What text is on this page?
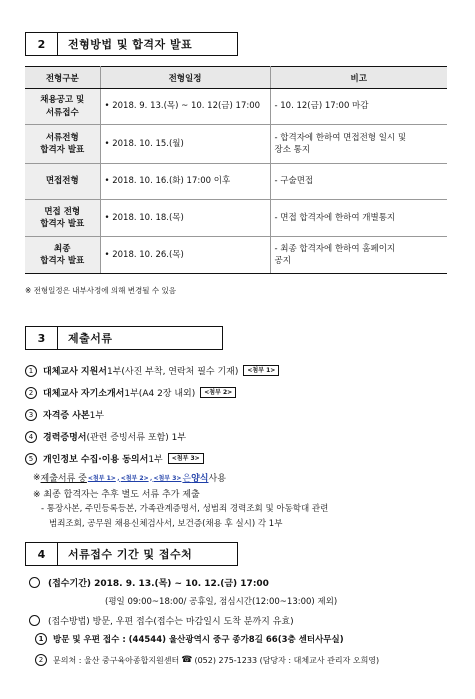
2	전형방법 및 합격자 발표
전형구분	전형일정	비고
채용공고 및
서류접수	• 2018. 9. 13.(목) ~ 10. 12(금) 17:00	- 10. 12(금) 17:00 마감
서류전형
합격자 발표	• 2018. 10. 15.(월)	- 합격자에 한하여 면접전형 일시 및
장소 통지
면접전형	• 2018. 10. 16.(화) 17:00 이후	- 구술면접
면접 전형
합격자 발표	• 2018. 10. 18.(목)	- 면접 합격자에 한하여 개별통지
최종
합격자 발표	• 2018. 10. 26.(목)	- 최종 합격자에 한하여 홈페이지
공지
※ 전형일정은 내부사정에 의해 변경될 수 있음
3	제출서류
1	대체교사 지원서 1부(사진 부착, 연락처 필수 기재)	<첨부 1>
2	대체교사 자기소개서 1부(A4 2장 내외)	<첨부 2>
3	자격증 사본 1부
4	경력증명서 (관련 증빙서류 포함) 1부
5	개인정보 수집·이용 동의서 1부	<첨부 3>
※ 제출서류 중 <첨부 1> , <첨부 2> , <첨부 3> 은 양식 사용
※ 최종 합격자는 추후 별도 서류 추가 제출
- 통장사본, 주민등록등본, 가족관계증명서, 성범죄 경력조회 및 아동학대 관련
범죄조회, 공무원 채용신체검사서, 보건증(채용 후 실시) 각 1부
4	서류접수 기간 및 접수처
(접수기간) 2018. 9. 13.(목) ~ 10. 12.(금) 17:00
(평일 09:00~18:00/ 공휴일, 점심시간(12:00~13:00) 제외)
(접수방법) 방문, 우편 접수(접수는 마감일시 도착 분까지 유효)
1	방문 및 우편 접수 : (44544) 울산광역시 중구 종가8길 66(3층 센터사무실)
2	문의처 : 울산 중구육아종합지원센터 ☎ (052) 275-1233 (담당자 : 대체교사 관리자 오희영)
